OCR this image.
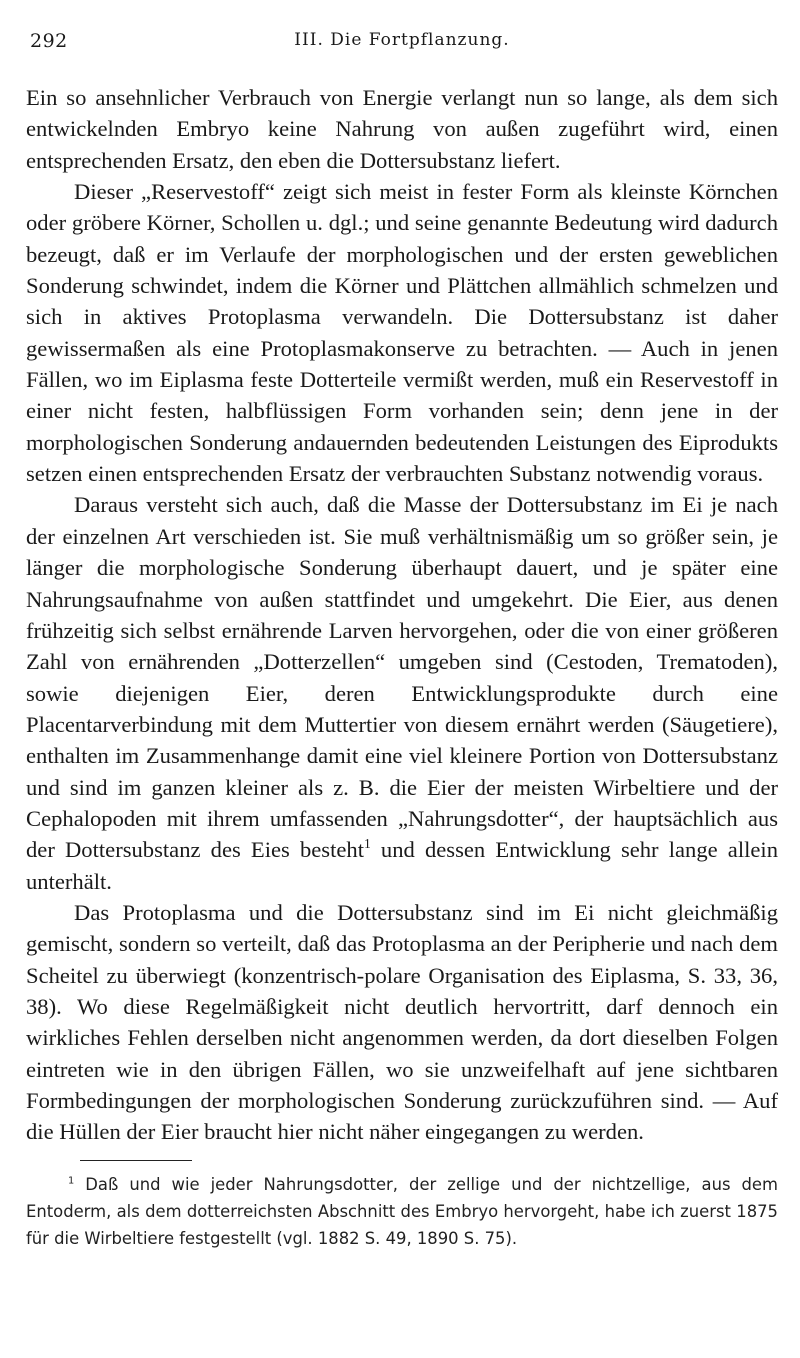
292	III. Die Fortpflanzung.

Ein so ansehnlicher Verbrauch von Energie verlangt nun so lange, als dem sich entwickelnden Embryo keine Nahrung von außen zugeführt wird, einen entsprechenden Ersatz, den eben die Dottersubstanz liefert.

Dieser „Reservestoff“ zeigt sich meist in fester Form als kleinste Körnchen oder gröbere Körner, Schollen u. dgl.; und seine genannte Bedeutung wird dadurch bezeugt, daß er im Verlaufe der morphologischen und der ersten geweblichen Sonderung schwindet, indem die Körner und Plättchen allmählich schmelzen und sich in aktives Protoplasma verwandeln. Die Dottersubstanz ist daher gewissermaßen als eine Protoplasmakonserve zu betrachten. — Auch in jenen Fällen, wo im Eiplasma feste Dotterteile vermißt werden, muß ein Reservestoff in einer nicht festen, halbflüssigen Form vorhanden sein; denn jene in der morphologischen Sonderung andauernden bedeutenden Leistungen des Eiprodukts setzen einen entsprechenden Ersatz der verbrauchten Substanz notwendig voraus.

Daraus versteht sich auch, daß die Masse der Dottersubstanz im Ei je nach der einzelnen Art verschieden ist. Sie muß verhältnismäßig um so größer sein, je länger die morphologische Sonderung überhaupt dauert, und je später eine Nahrungsaufnahme von außen stattfindet und umgekehrt. Die Eier, aus denen frühzeitig sich selbst ernährende Larven hervorgehen, oder die von einer größeren Zahl von ernährenden „Dotterzellen“ umgeben sind (Cestoden, Trematoden), sowie diejenigen Eier, deren Entwicklungsprodukte durch eine Placentarverbindung mit dem Muttertier von diesem ernährt werden (Säugetiere), enthalten im Zusammenhange damit eine viel kleinere Portion von Dottersubstanz und sind im ganzen kleiner als z. B. die Eier der meisten Wirbeltiere und der Cephalopoden mit ihrem umfassenden „Nahrungsdotter“, der hauptsächlich aus der Dottersubstanz des Eies besteht$^1$ und dessen Entwicklung sehr lange allein unterhält.

Das Protoplasma und die Dottersubstanz sind im Ei nicht gleichmäßig gemischt, sondern so verteilt, daß das Protoplasma an der Peripherie und nach dem Scheitel zu überwiegt (konzentrisch-polare Organisation des Eiplasma, S. 33, 36, 38). Wo diese Regelmäßigkeit nicht deutlich hervortritt, darf dennoch ein wirkliches Fehlen derselben nicht angenommen werden, da dort dieselben Folgen eintreten wie in den übrigen Fällen, wo sie unzweifelhaft auf jene sichtbaren Formbedingungen der morphologischen Sonderung zurückzuführen sind. — Auf die Hüllen der Eier braucht hier nicht näher eingegangen zu werden.

$^1$ Daß und wie jeder Nahrungsdotter, der zellige und der nichtzellige, aus dem Entoderm, als dem dotterreichsten Abschnitt des Embryo hervorgeht, habe ich zuerst 1875 für die Wirbeltiere festgestellt (vgl. 1882 S. 49, 1890 S. 75).
